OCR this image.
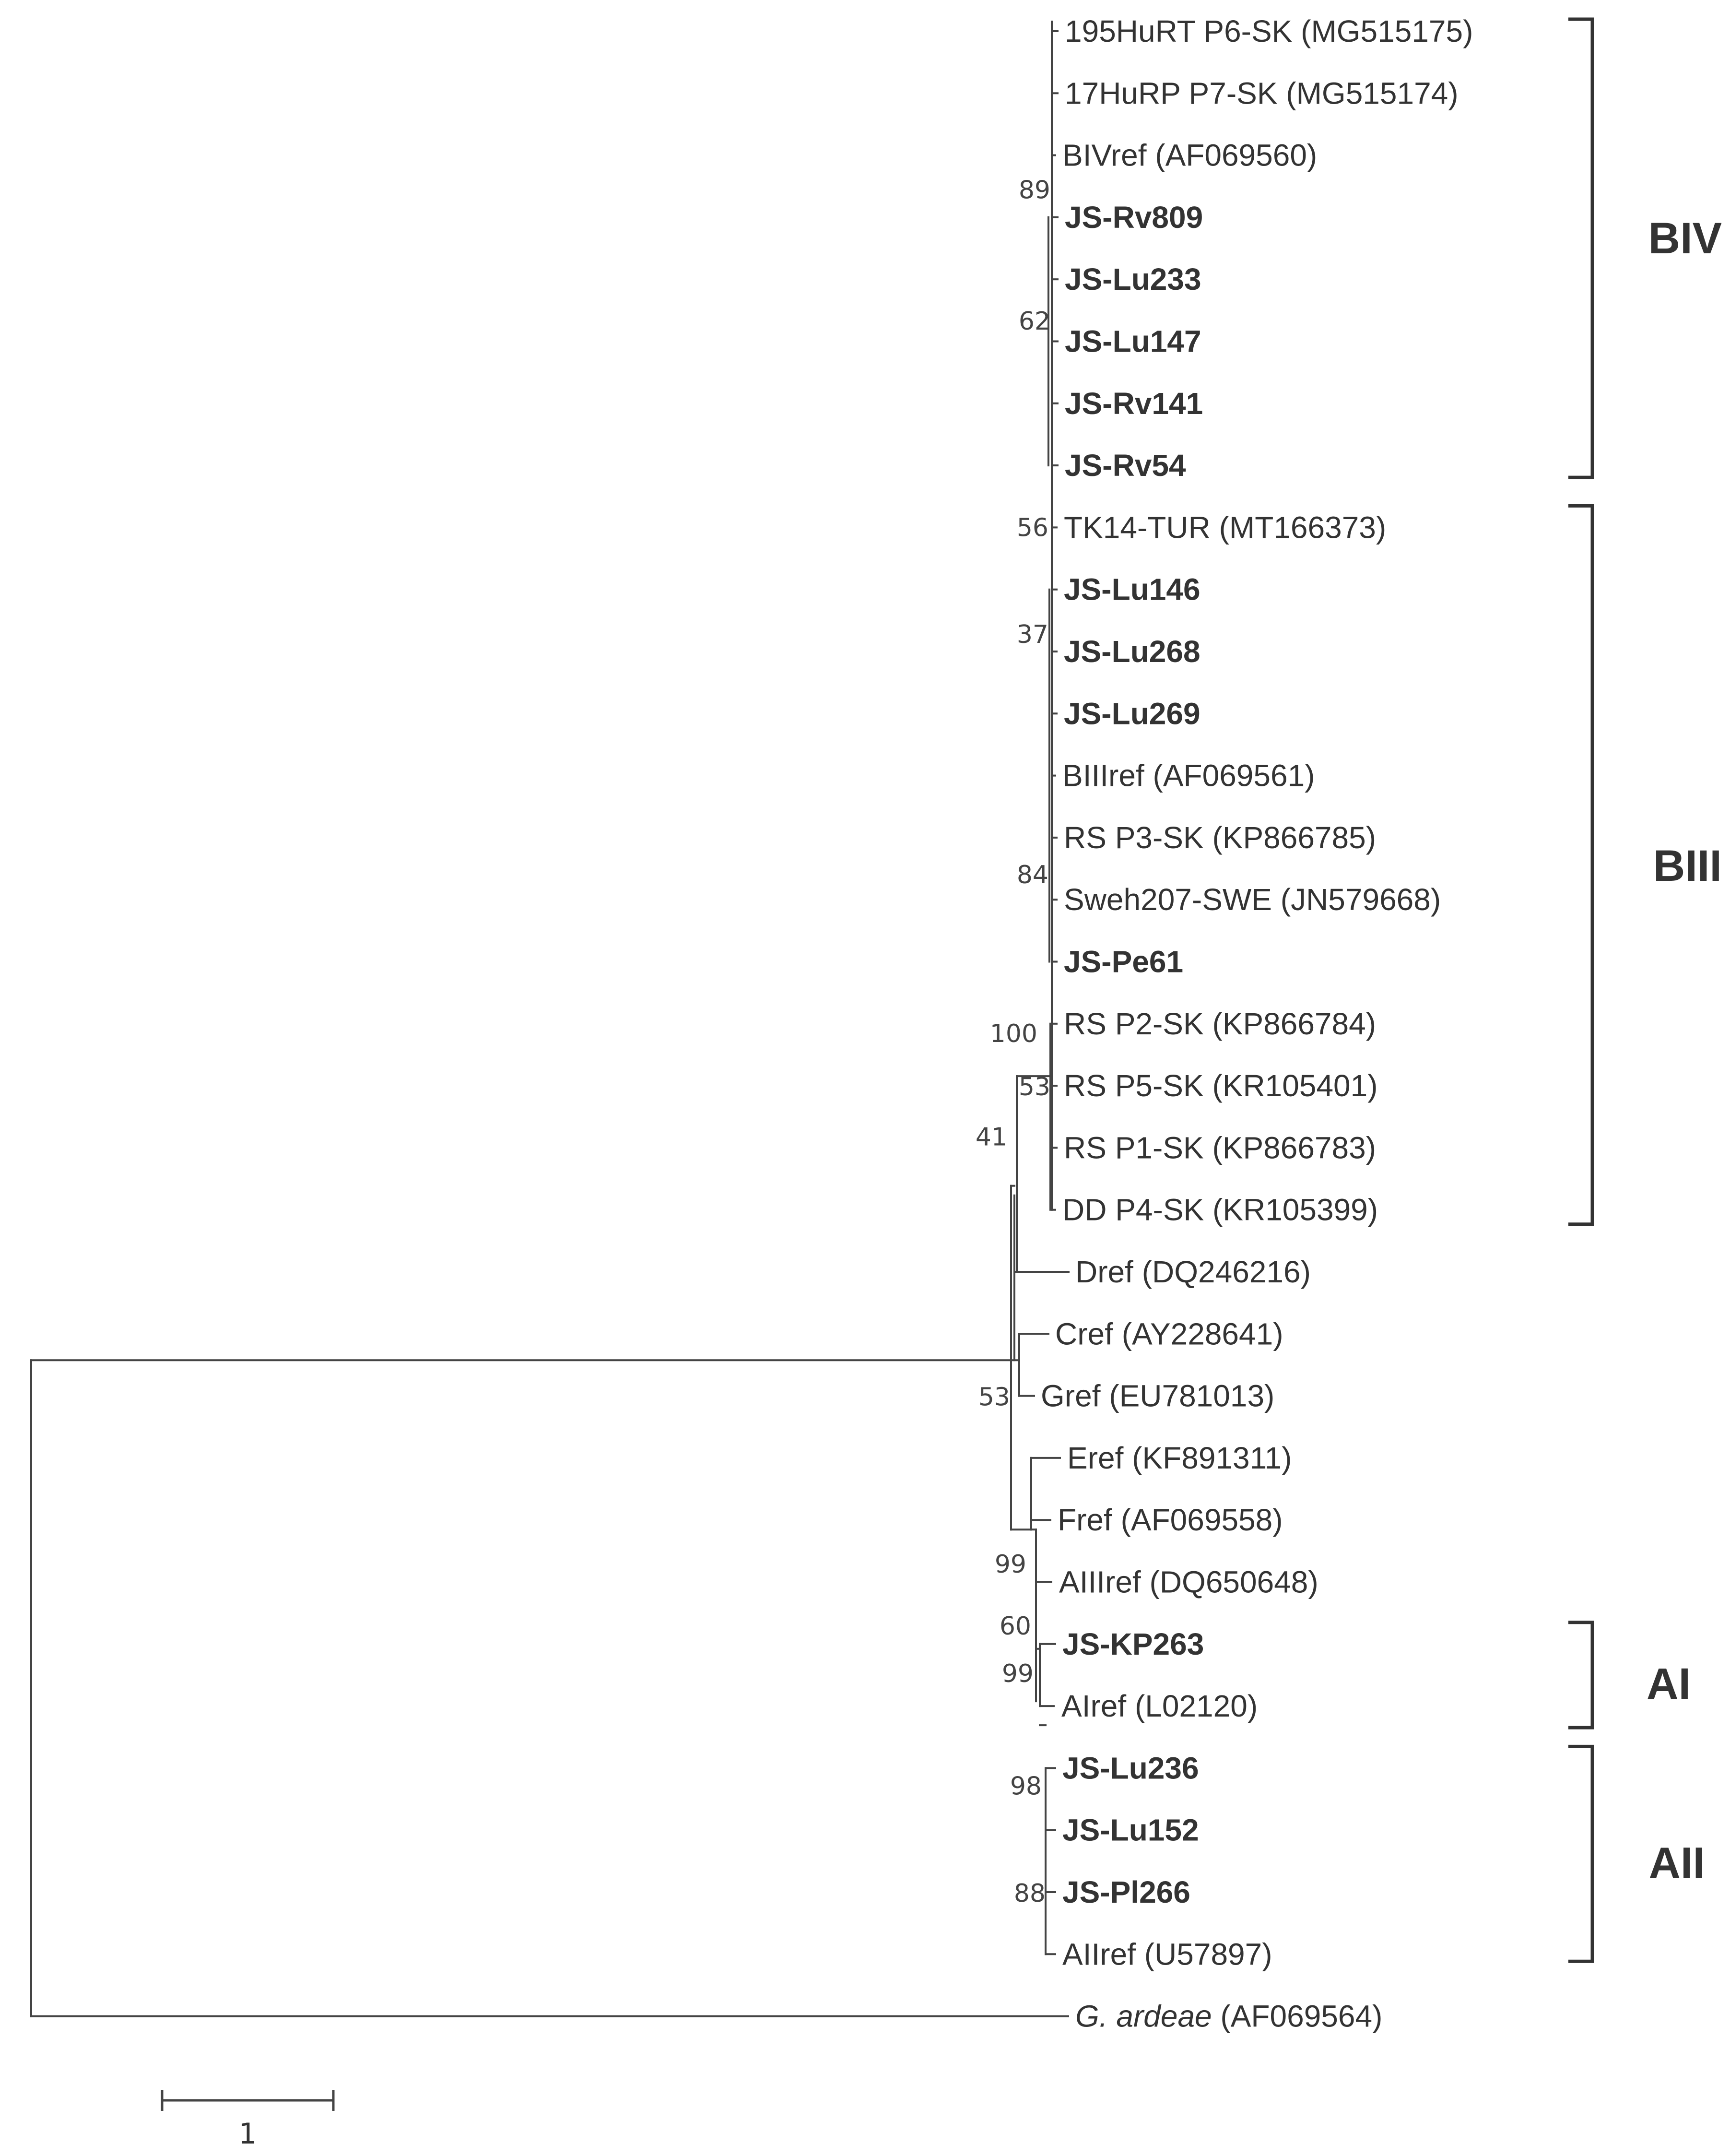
195HuRT P6-SK (MG515175)
17HuRP P7-SK (MG515174)
BIVref (AF069560)
JS-Rv809
JS-Lu233
JS-Lu147
JS-Rv141
JS-Rv54
TK14-TUR (MT166373)
JS-Lu146
JS-Lu268
JS-Lu269
BIIIref (AF069561)
RS P3-SK (KP866785)
Sweh207-SWE (JN579668)
JS-Pe61
RS P2-SK (KP866784)
RS P5-SK (KR105401)
RS P1-SK (KP866783)
DD P4-SK (KR105399)
Dref (DQ246216)
Cref (AY228641)
Gref (EU781013)
Eref (KF891311)
Fref (AF069558)
AIIIref (DQ650648)
JS-KP263
AIref (L02120)
JS-Lu236
JS-Lu152
JS-Pl266
AIIref (U57897)
G. ardeae (AF069564)
89
62
56
37
84
100
53
41
53
99
60
99
98
88
BIV
BIII
AI
AII
1
